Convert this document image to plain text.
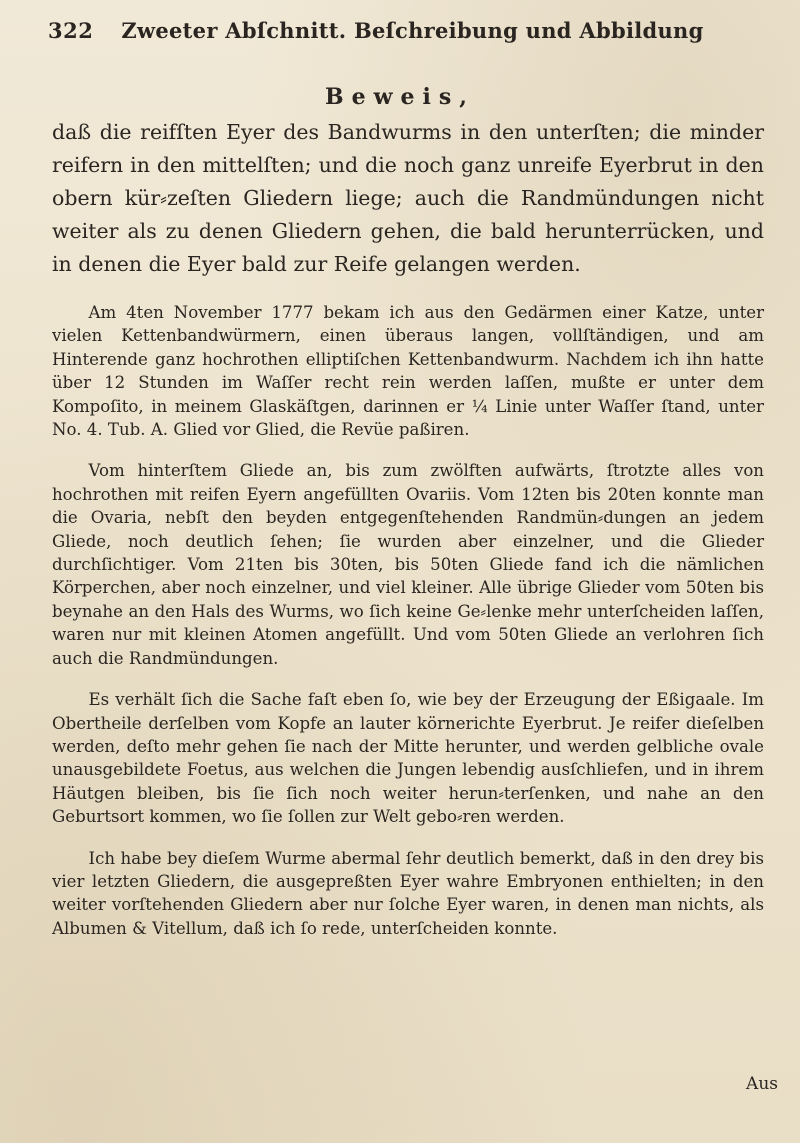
322 Zweeter Abſchnitt. Beſchreibung und Abbildung
Beweis,

daß die reifſten Eyer des Bandwurms in den unterſten; die minder reifern in den mittelſten; und die noch ganz unreife Eyerbrut in den obern kür⸗zeſten Gliedern liege; auch die Randmündungen nicht weiter als zu denen Gliedern gehen, die bald herunterrücken, und in denen die Eyer bald zur Reife gelangen werden.

Am 4ten November 1777 bekam ich aus den Gedärmen einer Katze, unter vielen Kettenbandwürmern, einen überaus langen, vollſtändigen, und am Hinterende ganz hochrothen elliptiſchen Kettenbandwurm. Nachdem ich ihn hatte über 12 Stunden im Waſſer recht rein werden laſſen, mußte er unter dem Kompoſito, in meinem Glaskäſtgen, darinnen er ¼ Linie unter Waſſer ſtand, unter No. 4. Tub. A. Glied vor Glied, die Revüe paßiren.

Vom hinterſtem Gliede an, bis zum zwölften aufwärts, ſtrotzte alles von hochrothen mit reifen Eyern angefüllten Ovariis. Vom 12ten bis 20ten konnte man die Ovaria, nebſt den beyden entgegenſtehenden Randmün⸗dungen an jedem Gliede, noch deutlich ſehen; ſie wurden aber einzelner, und die Glieder durchſichtiger. Vom 21ten bis 30ten, bis 50ten Gliede fand ich die nämlichen Körperchen, aber noch einzelner, und viel kleiner. Alle übrige Glieder vom 50ten bis beynahe an den Hals des Wurms, wo ſich keine Ge⸗lenke mehr unterſcheiden laſſen, waren nur mit kleinen Atomen angefüllt. Und vom 50ten Gliede an verlohren ſich auch die Randmündungen.

Es verhält ſich die Sache faſt eben ſo, wie bey der Erzeugung der Eßigaale. Im Obertheile derſelben vom Kopfe an lauter körnerichte Eyerbrut. Je reifer dieſelben werden, deſto mehr gehen ſie nach der Mitte herunter, und werden gelbliche ovale unausgebildete Foetus, aus welchen die Jungen lebendig ausſchliefen, und in ihrem Häutgen bleiben, bis ſie ſich noch weiter herun⸗terſenken, und nahe an den Geburtsort kommen, wo ſie ſollen zur Welt gebo⸗ren werden.

Ich habe bey dieſem Wurme abermal ſehr deutlich bemerkt, daß in den drey bis vier letzten Gliedern, die ausgepreßten Eyer wahre Embryonen enthielten; in den weiter vorſtehenden Gliedern aber nur ſolche Eyer waren, in denen man nichts, als Albumen & Vitellum, daß ich ſo rede, unterſcheiden konnte.

Aus
